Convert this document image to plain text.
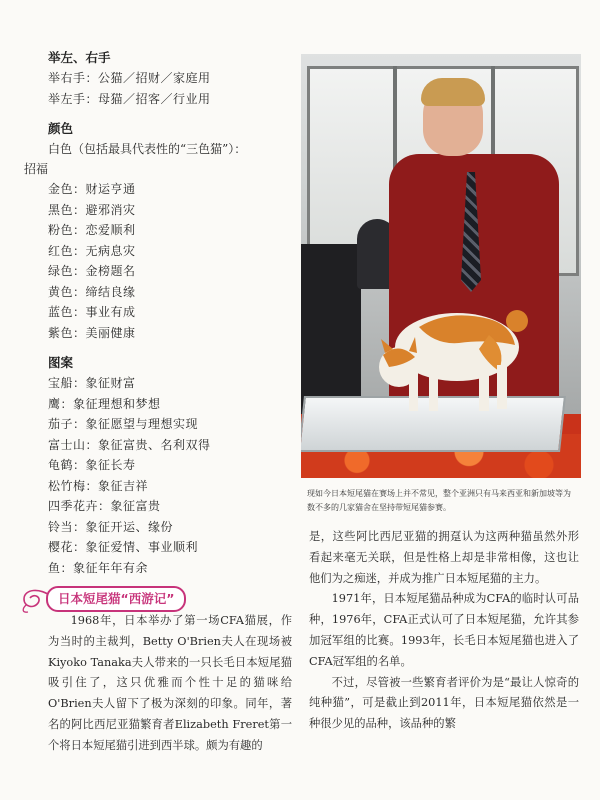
举左、右手
举右手：公猫／招财／家庭用
举左手：母猫／招客／行业用
颜色
白色（包括最具代表性的“三色猫”）：
招福
金色：财运亨通
黑色：避邪消灾
粉色：恋爱顺利
红色：无病息灾
绿色：金榜题名
黄色：缔结良缘
蓝色：事业有成
紫色：美丽健康
图案
宝船：象征财富
鹰：象征理想和梦想
茄子：象征愿望与理想实现
富士山：象征富贵、名利双得
龟鹤：象征长寿
松竹梅：象征吉祥
四季花卉：象征富贵
铃当：象征开运、缘份
樱花：象征爱情、事业顺利
鱼：象征年年有余
现如今日本短尾猫在赛场上并不常见，整个亚洲只有马来西亚和新加坡等为数不多的几家猫舍在坚持带短尾猫参赛。
日本短尾猫“西游记”

1968年，日本举办了第一场CFA猫展，作为当时的主裁判，Betty O'Brien夫人在现场被Kiyoko Tanaka夫人带来的一只长毛日本短尾猫吸引住了，这只优雅而个性十足的猫咪给O'Brien夫人留下了极为深刻的印象。同年，著名的阿比西尼亚猫繁育者Elizabeth Freret第一个将日本短尾猫引进到西半球。颇为有趣的

是，这些阿比西尼亚猫的拥趸认为这两种猫虽然外形看起来毫无关联，但是性格上却是非常相像，这也让他们为之痴迷，并成为推广日本短尾猫的主力。

1971年，日本短尾猫品种成为CFA的临时认可品种，1976年，CFA正式认可了日本短尾猫，允许其参加冠军组的比赛。1993年，长毛日本短尾猫也进入了CFA冠军组的名单。

不过，尽管被一些繁育者评价为是“最让人惊奇的纯种猫”，可是截止到2011年，日本短尾猫依然是一种很少见的品种，该品种的繁
